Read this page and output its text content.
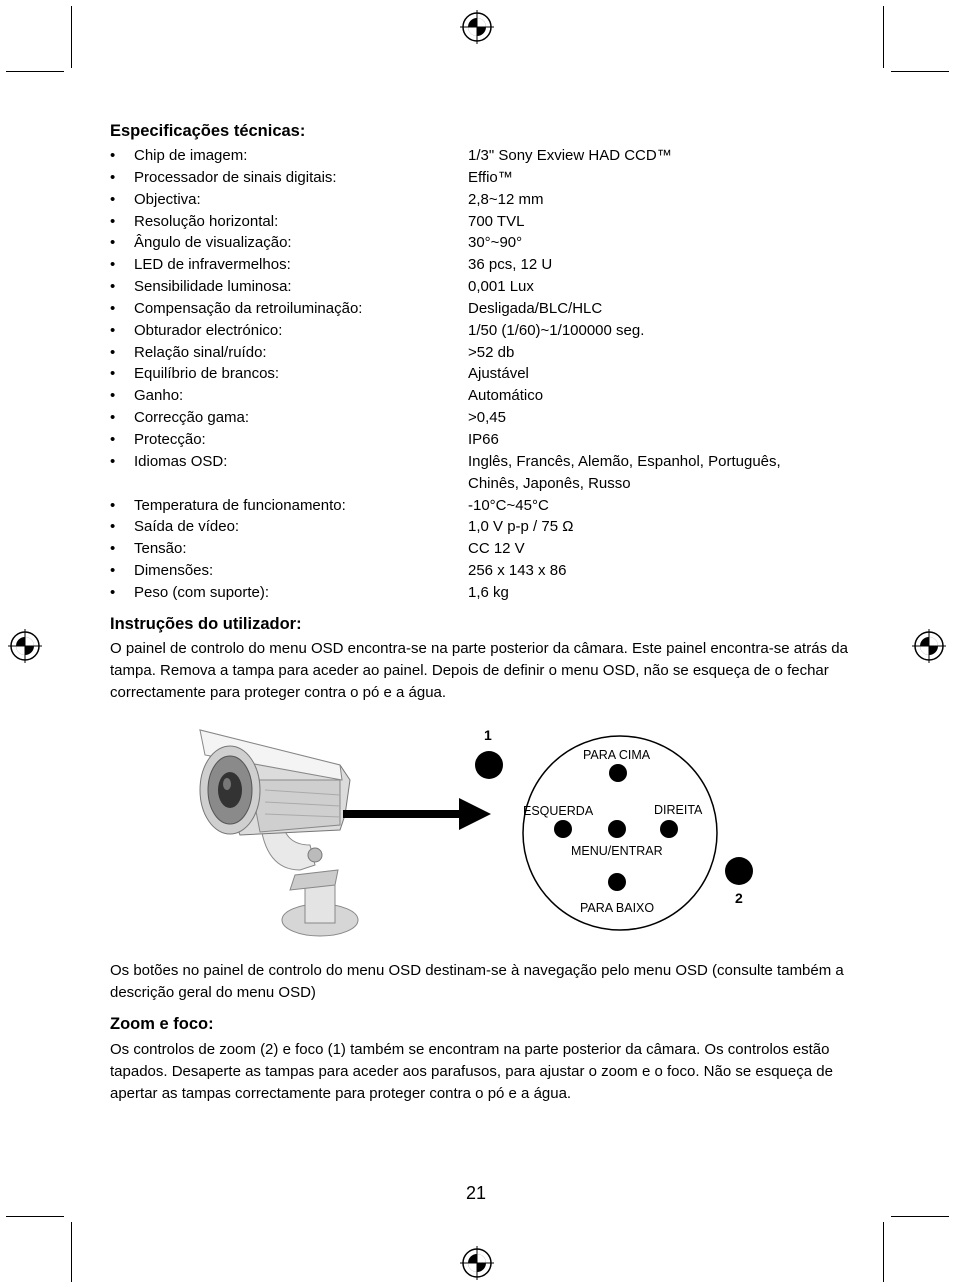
Especificações técnicas:
• Chip de imagem:	1/3" Sony Exview HAD CCD™
• Processador de sinais digitais:	Effio™
• Objectiva:	2,8~12 mm
• Resolução horizontal:	700 TVL
• Ângulo de visualização:	30°~90°
• LED de infravermelhos:	36 pcs, 12 U
• Sensibilidade luminosa:	0,001 Lux
• Compensação da retroiluminação:	Desligada/BLC/HLC
• Obturador electrónico:	1/50 (1/60)~1/100000 seg.
• Relação sinal/ruído:	>52 db
• Equilíbrio de brancos:	Ajustável
• Ganho:	Automático
• Correcção gama:	>0,45
• Protecção:	IP66
• Idiomas OSD:	Inglês, Francês, Alemão, Espanhol, Português, Chinês, Japonês, Russo
• Temperatura de funcionamento:	-10°C~45°C
• Saída de vídeo:	1,0 V p-p / 75 Ω
• Tensão:	CC 12 V
• Dimensões:	256 x 143 x 86
• Peso (com suporte):	1,6 kg
Instruções do utilizador:

O painel de controlo do menu OSD encontra-se na parte posterior da câmara. Este painel encontra-se atrás da tampa. Remova a tampa para aceder ao painel. Depois de definir o menu OSD, não se esqueça de o fechar correctamente para proteger contra o pó e a água.

1
2
PARA CIMA
ESQUERDA	DIREITA
MENU/ENTRAR
PARA BAIXO

Os botões no painel de controlo do menu OSD destinam-se à navegação pelo menu OSD (consulte também a descrição geral do menu OSD)

Zoom e foco:

Os controlos de zoom (2) e foco (1) também se encontram na parte posterior da câmara. Os controlos estão tapados. Desaperte as tampas para aceder aos parafusos, para ajustar o zoom e o foco. Não se esqueça de apertar as tampas correctamente para proteger contra o pó e a água.

21
